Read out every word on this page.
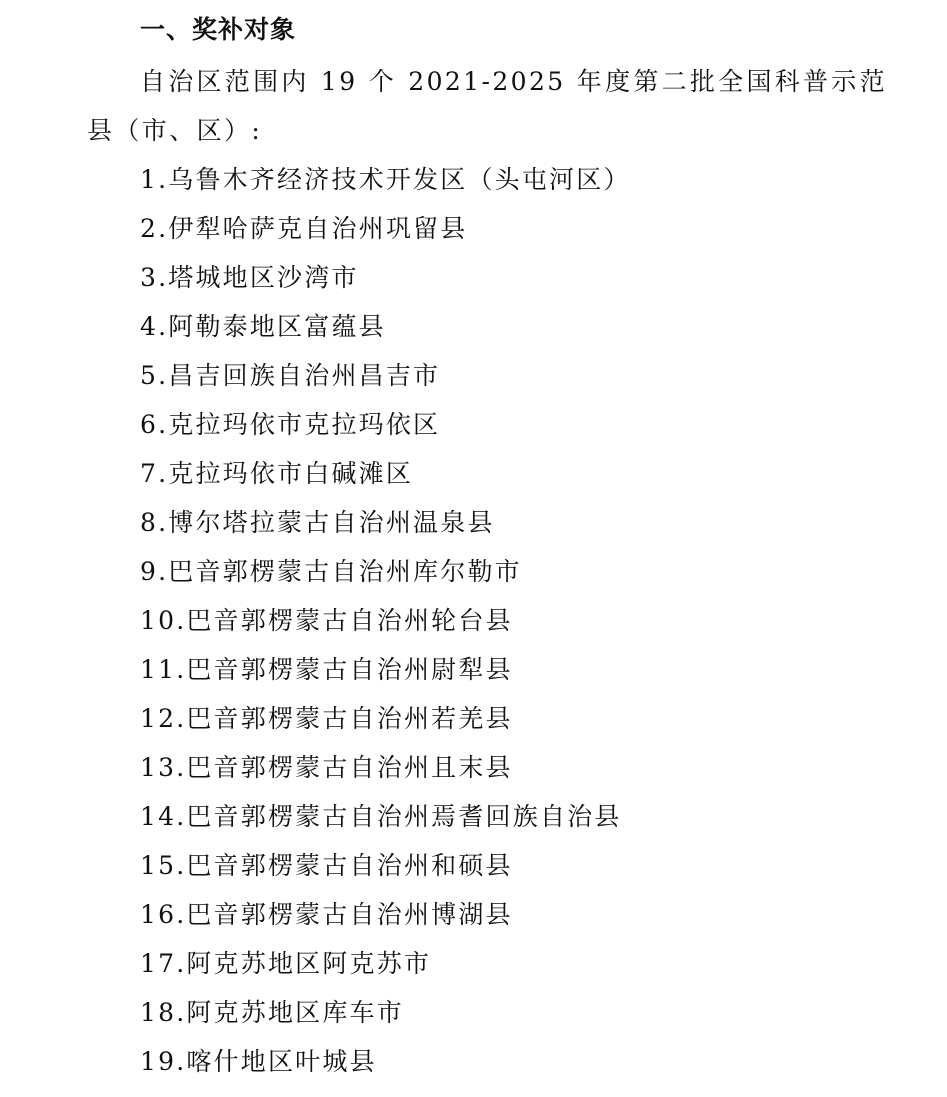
一、奖补对象
自治区范围内 19 个 2021-2025 年度第二批全国科普示范县（市、区）:
1.乌鲁木齐经济技术开发区（头屯河区）
2.伊犁哈萨克自治州巩留县
3.塔城地区沙湾市
4.阿勒泰地区富蕴县
5.昌吉回族自治州昌吉市
6.克拉玛依市克拉玛依区
7.克拉玛依市白碱滩区
8.博尔塔拉蒙古自治州温泉县
9.巴音郭楞蒙古自治州库尔勒市
10.巴音郭楞蒙古自治州轮台县
11.巴音郭楞蒙古自治州尉犁县
12.巴音郭楞蒙古自治州若羌县
13.巴音郭楞蒙古自治州且末县
14.巴音郭楞蒙古自治州焉耆回族自治县
15.巴音郭楞蒙古自治州和硕县
16.巴音郭楞蒙古自治州博湖县
17.阿克苏地区阿克苏市
18.阿克苏地区库车市
19.喀什地区叶城县
